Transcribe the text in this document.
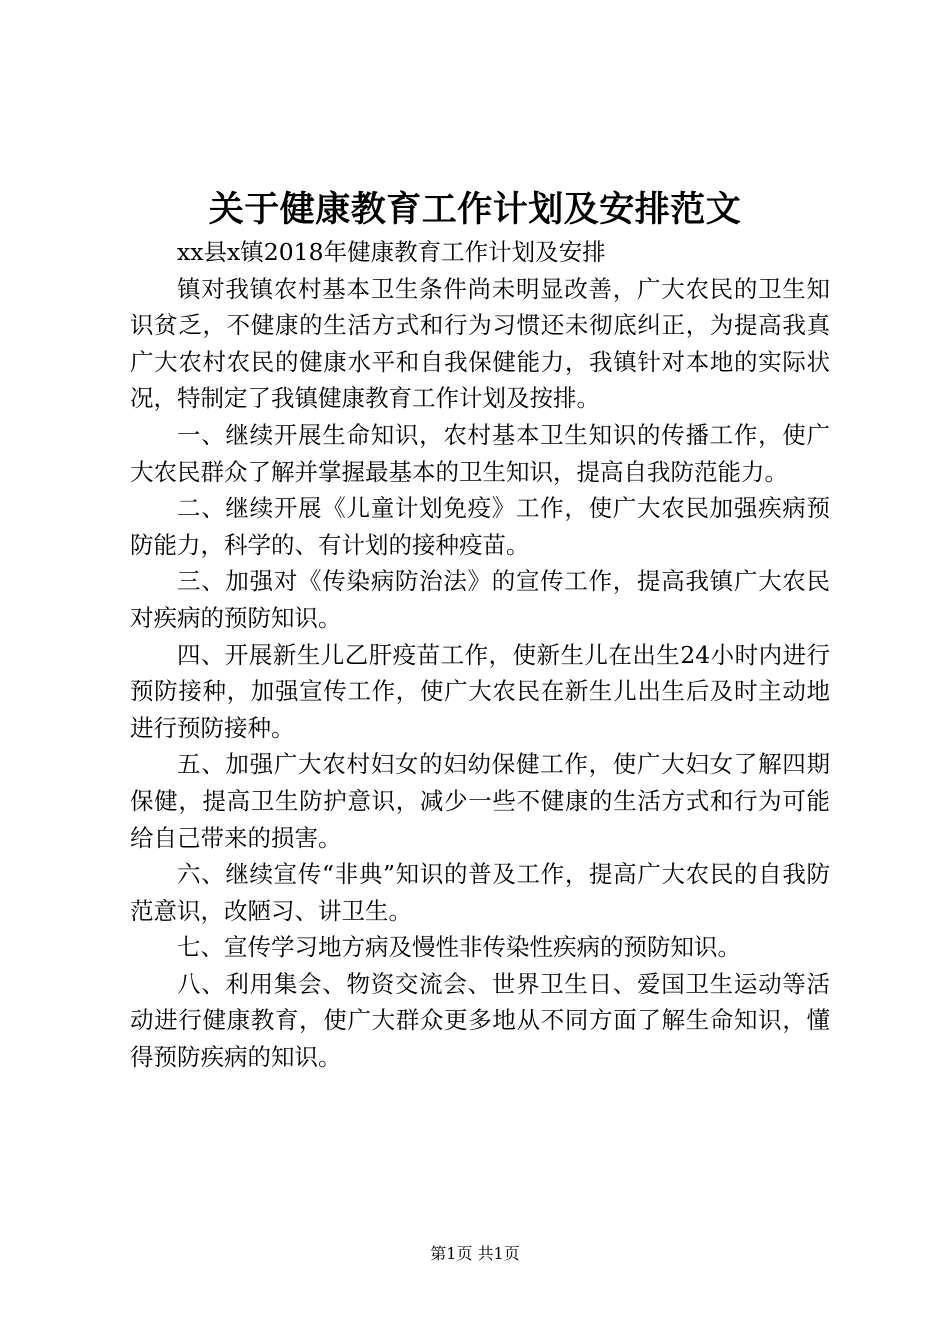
关于健康教育工作计划及安排范文

xx县x镇2018年健康教育工作计划及安排

镇对我镇农村基本卫生条件尚未明显改善，广大农民的卫生知识贫乏，不健康的生活方式和行为习惯还未彻底纠正，为提高我真广大农村农民的健康水平和自我保健能力，我镇针对本地的实际状况，特制定了我镇健康教育工作计划及按排。

一、继续开展生命知识，农村基本卫生知识的传播工作，使广大农民群众了解并掌握最基本的卫生知识，提高自我防范能力。

二、继续开展《儿童计划免疫》工作，使广大农民加强疾病预防能力，科学的、有计划的接种疫苗。

三、加强对《传染病防治法》的宣传工作，提高我镇广大农民对疾病的预防知识。

四、开展新生儿乙肝疫苗工作，使新生儿在出生24小时内进行预防接种，加强宣传工作，使广大农民在新生儿出生后及时主动地进行预防接种。

五、加强广大农村妇女的妇幼保健工作，使广大妇女了解四期保健，提高卫生防护意识，减少一些不健康的生活方式和行为可能给自己带来的损害。

六、继续宣传“非典”知识的普及工作，提高广大农民的自我防范意识，改陋习、讲卫生。

七、宣传学习地方病及慢性非传染性疾病的预防知识。

八、利用集会、物资交流会、世界卫生日、爱国卫生运动等活动进行健康教育，使广大群众更多地从不同方面了解生命知识，懂得预防疾病的知识。

第1页 共1页
